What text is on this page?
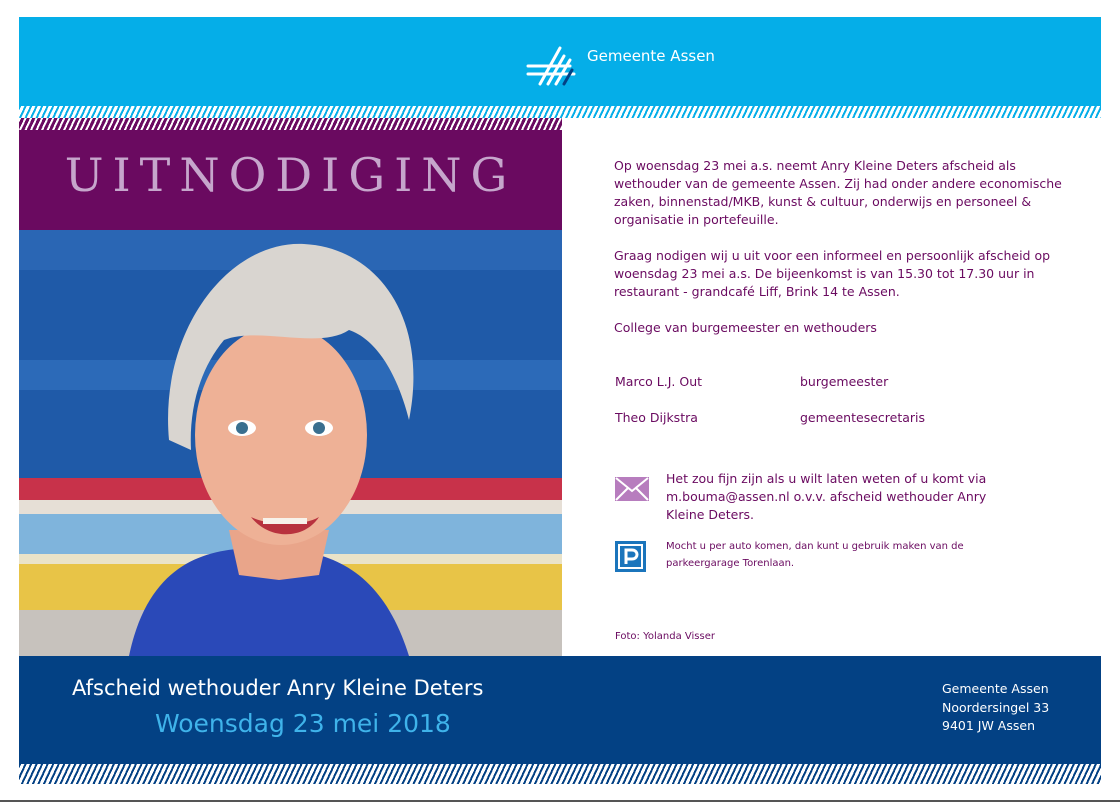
Gemeente Assen
UITNODIGING	Op woensdag 23 mei a.s. neemt Anry Kleine Deters afscheid als wethouder van de gemeente Assen. Zij had onder andere economische zaken, binnenstad/MKB, kunst & cultuur, onderwijs en personeel & organisatie in portefeuille.
Graag nodigen wij u uit voor een informeel en persoonlijk afscheid op woensdag 23 mei a.s. De bijeenkomst is van 15.30 tot 17.30 uur in restaurant - grandcafé Liff, Brink 14 te Assen.
College van burgemeester en wethouders
Marco L.J. Out	burgemeester
Theo Dijkstra	gemeentesecretaris
Het zou fijn zijn als u wilt laten weten of u komt via m.bouma@assen.nl o.v.v. afscheid wethouder Anry Kleine Deters.
Mocht u per auto komen, dan kunt u gebruik maken van de parkeergarage Torenlaan.
Foto: Yolanda Visser
Afscheid wethouder Anry Kleine Deters
Woensdag 23 mei 2018
Gemeente Assen
Noordersingel 33
9401 JW Assen
